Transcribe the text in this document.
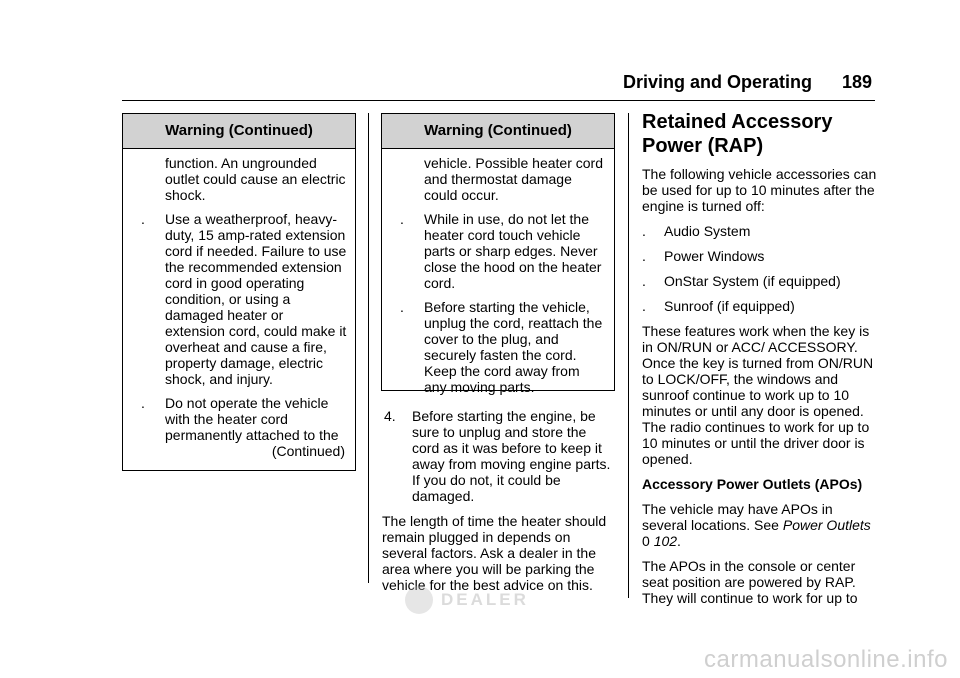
Driving and Operating 189
Warning (Continued)

function. An ungrounded outlet could cause an electric shock.

. Use a weatherproof, heavy-duty, 15 amp-rated extension cord if needed. Failure to use the recommended extension cord in good operating condition, or using a damaged heater or extension cord, could make it overheat and cause a fire, property damage, electric shock, and injury.

. Do not operate the vehicle with the heater cord permanently attached to the

(Continued)
Warning (Continued)

vehicle. Possible heater cord and thermostat damage could occur.

. While in use, do not let the heater cord touch vehicle parts or sharp edges. Never close the hood on the heater cord.

. Before starting the vehicle, unplug the cord, reattach the cover to the plug, and securely fasten the cord. Keep the cord away from any moving parts.

4. Before starting the engine, be sure to unplug and store the cord as it was before to keep it away from moving engine parts. If you do not, it could be damaged.

The length of time the heater should remain plugged in depends on several factors. Ask a dealer in the area where you will be parking the vehicle for the best advice on this.

Retained Accessory Power (RAP)

The following vehicle accessories can be used for up to 10 minutes after the engine is turned off:

. Audio System

. Power Windows

. OnStar System (if equipped)

. Sunroof (if equipped)

These features work when the key is in ON/RUN or ACC/ ACCESSORY. Once the key is turned from ON/RUN to LOCK/OFF, the windows and sunroof continue to work up to 10 minutes or until any door is opened. The radio continues to work for up to 10 minutes or until the driver door is opened.

Accessory Power Outlets (APOs)

The vehicle may have APOs in several locations. See Power Outlets 0 102.

The APOs in the console or center seat position are powered by RAP. They will continue to work for up to

DEALER
carmanualsonline.info
